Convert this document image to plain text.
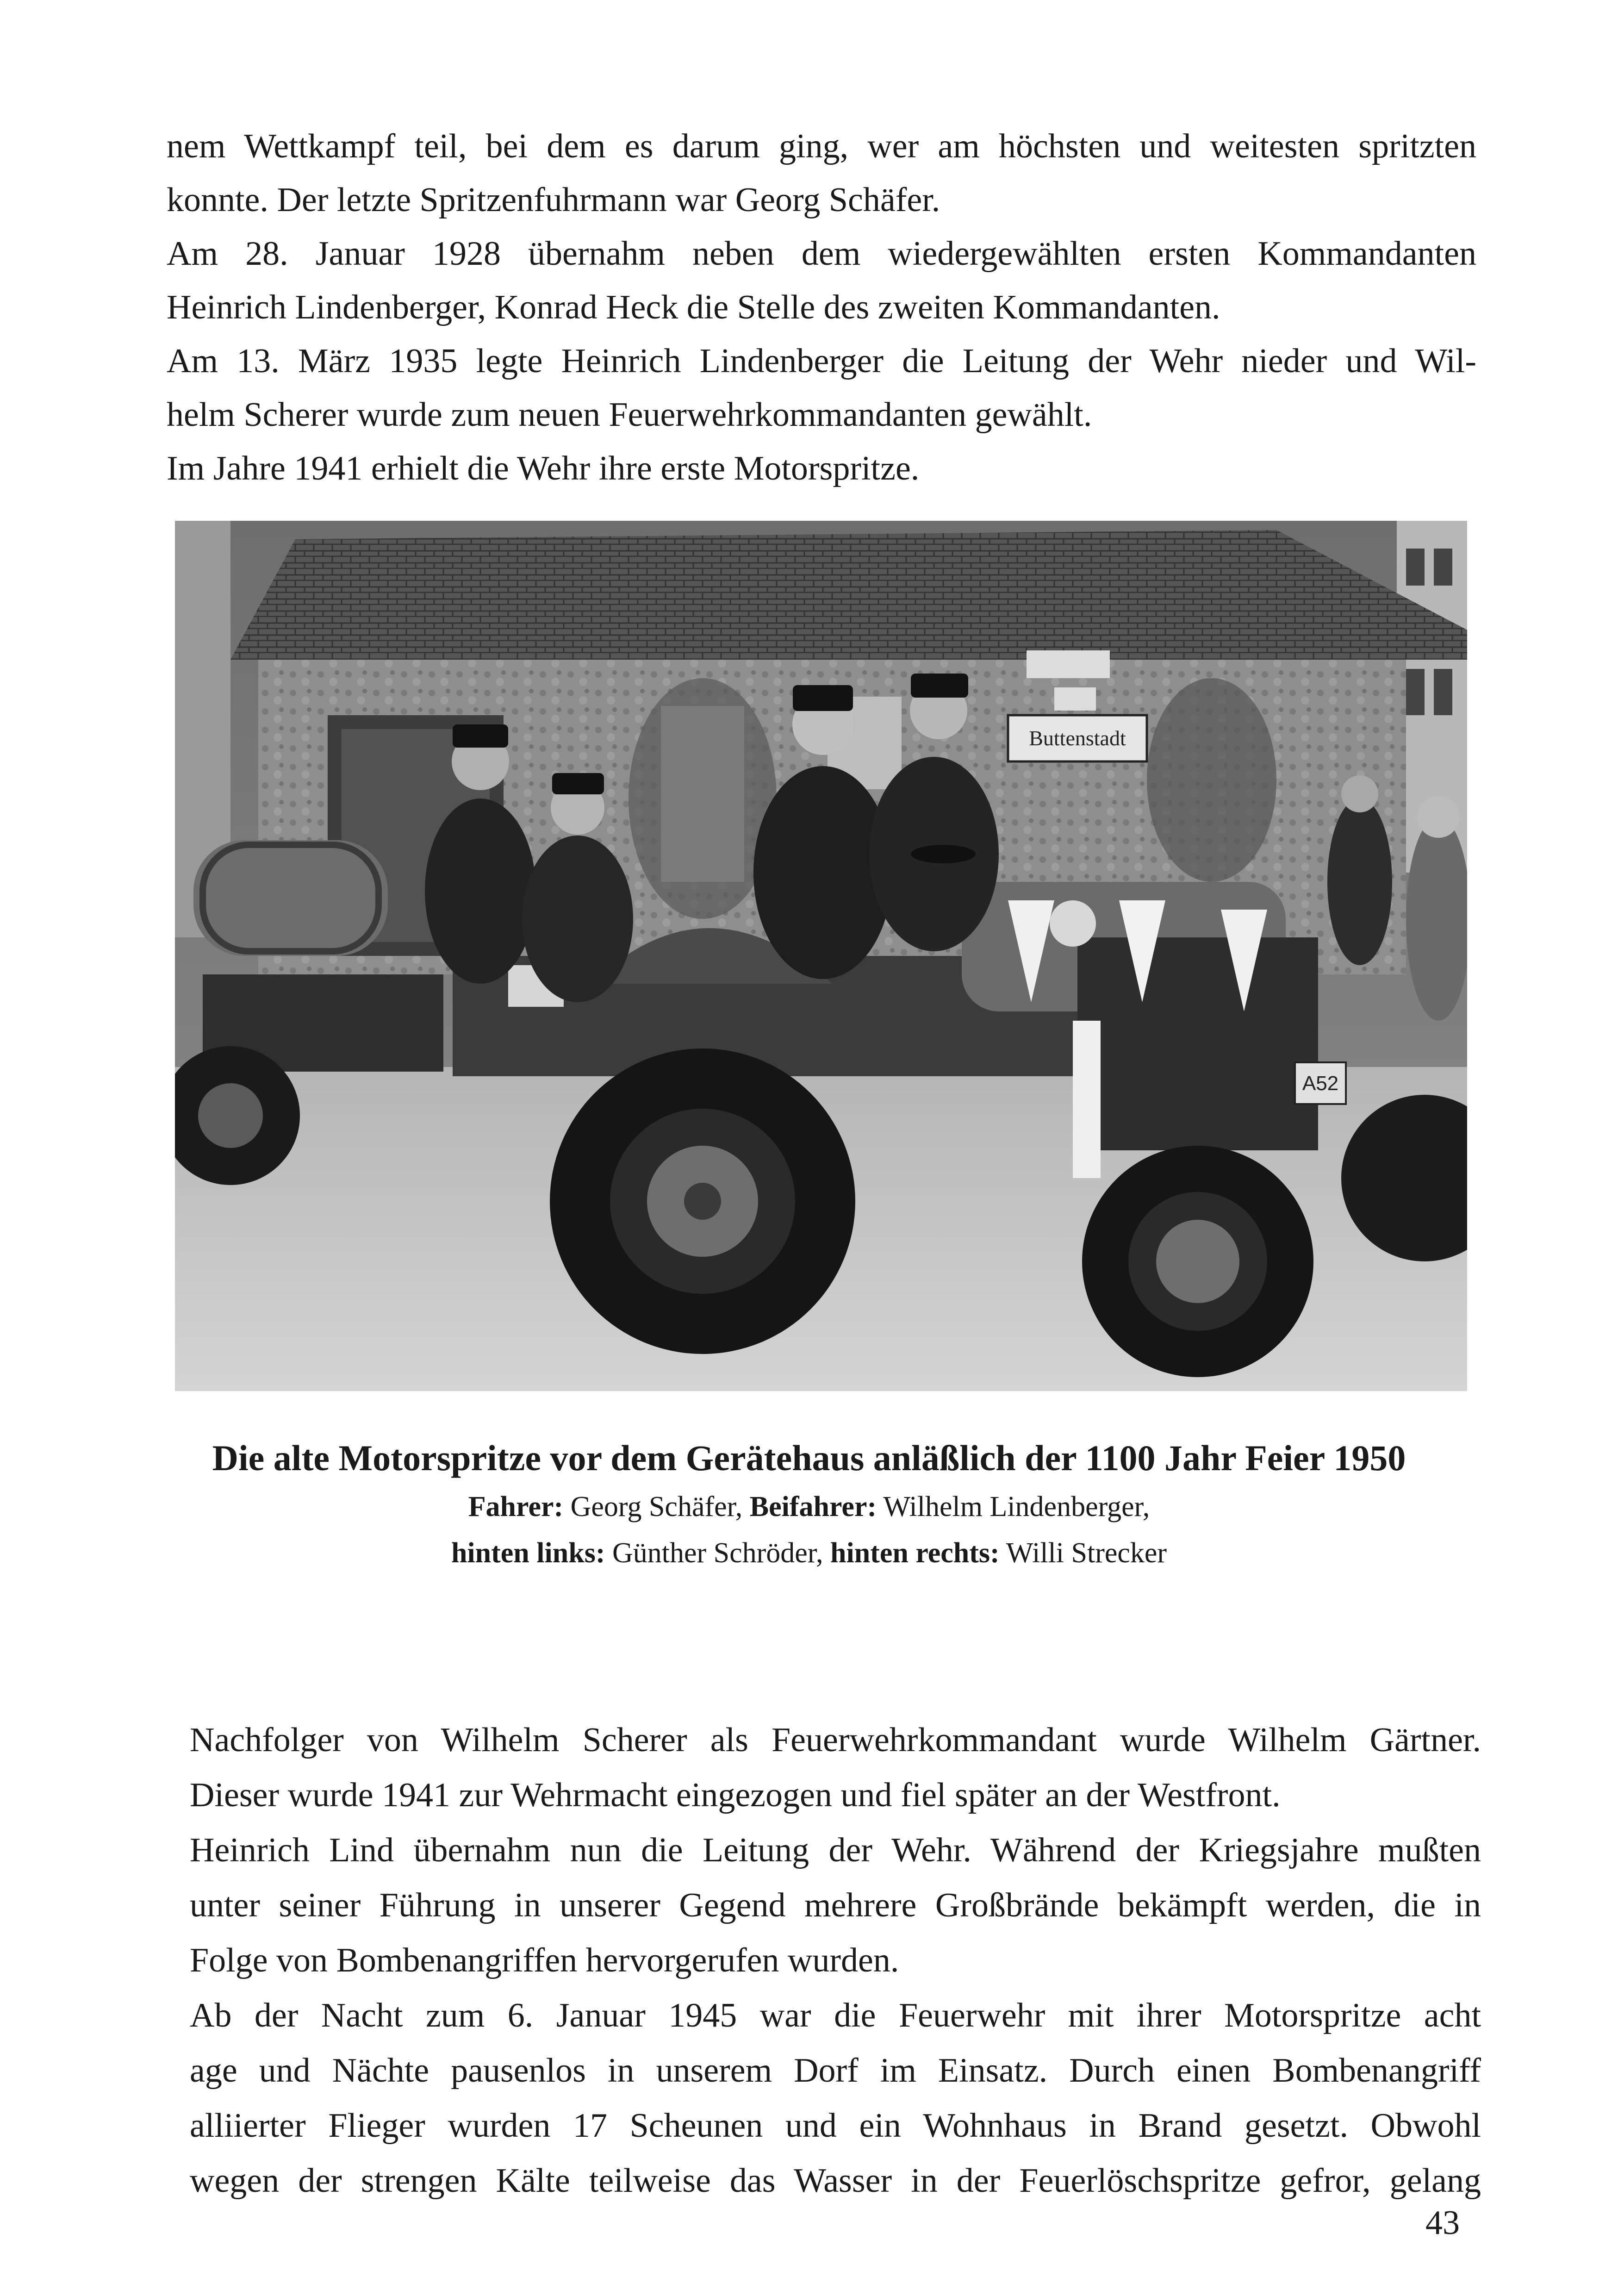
nem Wettkampf teil, bei dem es darum ging, wer am höchsten und weitesten spritzten
konnte. Der letzte Spritzenfuhrmann war Georg Schäfer.
Am 28. Januar 1928 übernahm neben dem wiedergewählten ersten Kommandanten
Heinrich Lindenberger, Konrad Heck die Stelle des zweiten Kommandanten.
Am 13. März 1935 legte Heinrich Lindenberger die Leitung der Wehr nieder und Wil-
helm Scherer wurde zum neuen Feuerwehrkommandanten gewählt.
Im Jahre 1941 erhielt die Wehr ihre erste Motorspritze.
Buttenstadt
A52
Die alte Motorspritze vor dem Gerätehaus anläßlich der 1100 Jahr Feier 1950
Fahrer: Georg Schäfer, Beifahrer: Wilhelm Lindenberger,
hinten links: Günther Schröder, hinten rechts: Willi Strecker
Nachfolger von Wilhelm Scherer als Feuerwehrkommandant wurde Wilhelm Gärtner.
Dieser wurde 1941 zur Wehrmacht eingezogen und fiel später an der Westfront.
Heinrich Lind übernahm nun die Leitung der Wehr. Während der Kriegsjahre mußten
unter seiner Führung in unserer Gegend mehrere Großbrände bekämpft werden, die in
Folge von Bombenangriffen hervorgerufen wurden.
Ab der Nacht zum 6. Januar 1945 war die Feuerwehr mit ihrer Motorspritze acht
age und Nächte pausenlos in unserem Dorf im Einsatz. Durch einen Bombenangriff
alliierter Flieger wurden 17 Scheunen und ein Wohnhaus in Brand gesetzt. Obwohl
wegen der strengen Kälte teilweise das Wasser in der Feuerlöschspritze gefror, gelang
43
